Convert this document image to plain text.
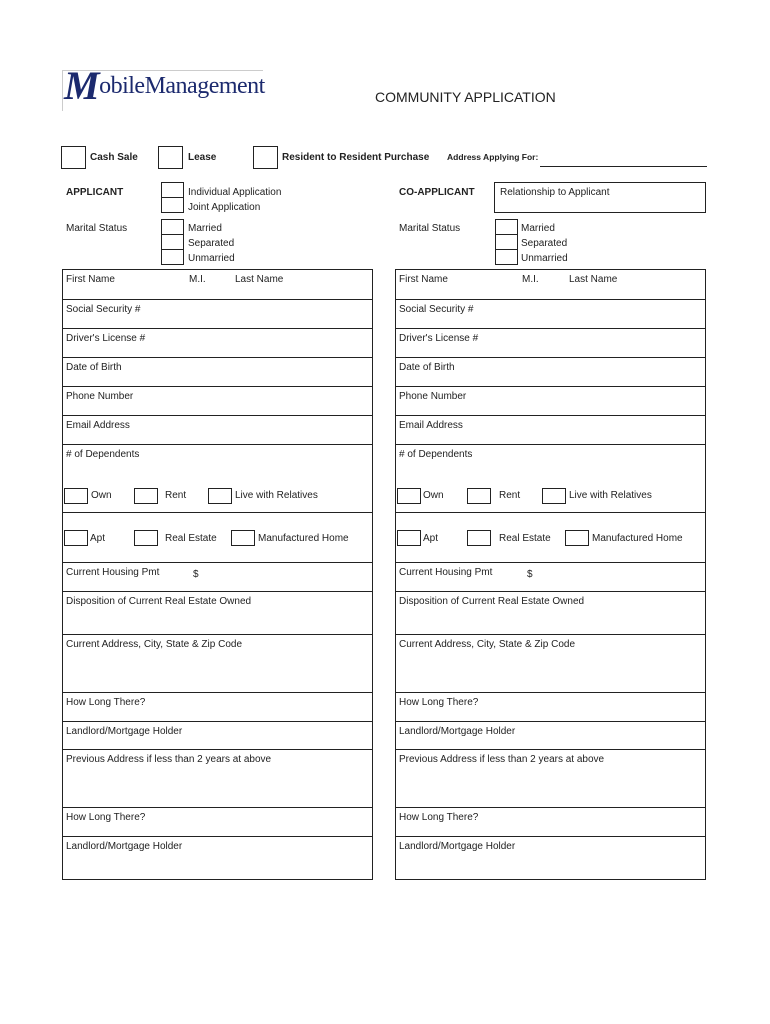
MobileManagement	COMMUNITY APPLICATION
Cash Sale	Lease	Resident to Resident Purchase Address Applying For:
APPLICANT	Individual Application
Joint Application
Marital Status	Married
Separated
Unmarried
CO-APPLICANT	Relationship to Applicant
Marital Status	Married
Separated
Unmarried
First Name	M.I.	Last Name
Social Security #
Driver's License #
Date of Birth
Phone Number
Email Address
# of Dependents
Own	Rent	Live with Relatives
Apt	Real Estate	Manufactured Home
Current Housing Pmt	$
Disposition of Current Real Estate Owned
Current Address, City, State & Zip Code
How Long There?
Landlord/Mortgage Holder
Previous Address if less than 2 years at above
How Long There?
Landlord/Mortgage Holder
First Name	M.I.	Last Name
Social Security #
Driver's License #
Date of Birth
Phone Number
Email Address
# of Dependents
Own	Rent	Live with Relatives
Apt	Real Estate	Manufactured Home
Current Housing Pmt	$
Disposition of Current Real Estate Owned
Current Address, City, State & Zip Code
How Long There?
Landlord/Mortgage Holder
Previous Address if less than 2 years at above
How Long There?
Landlord/Mortgage Holder
